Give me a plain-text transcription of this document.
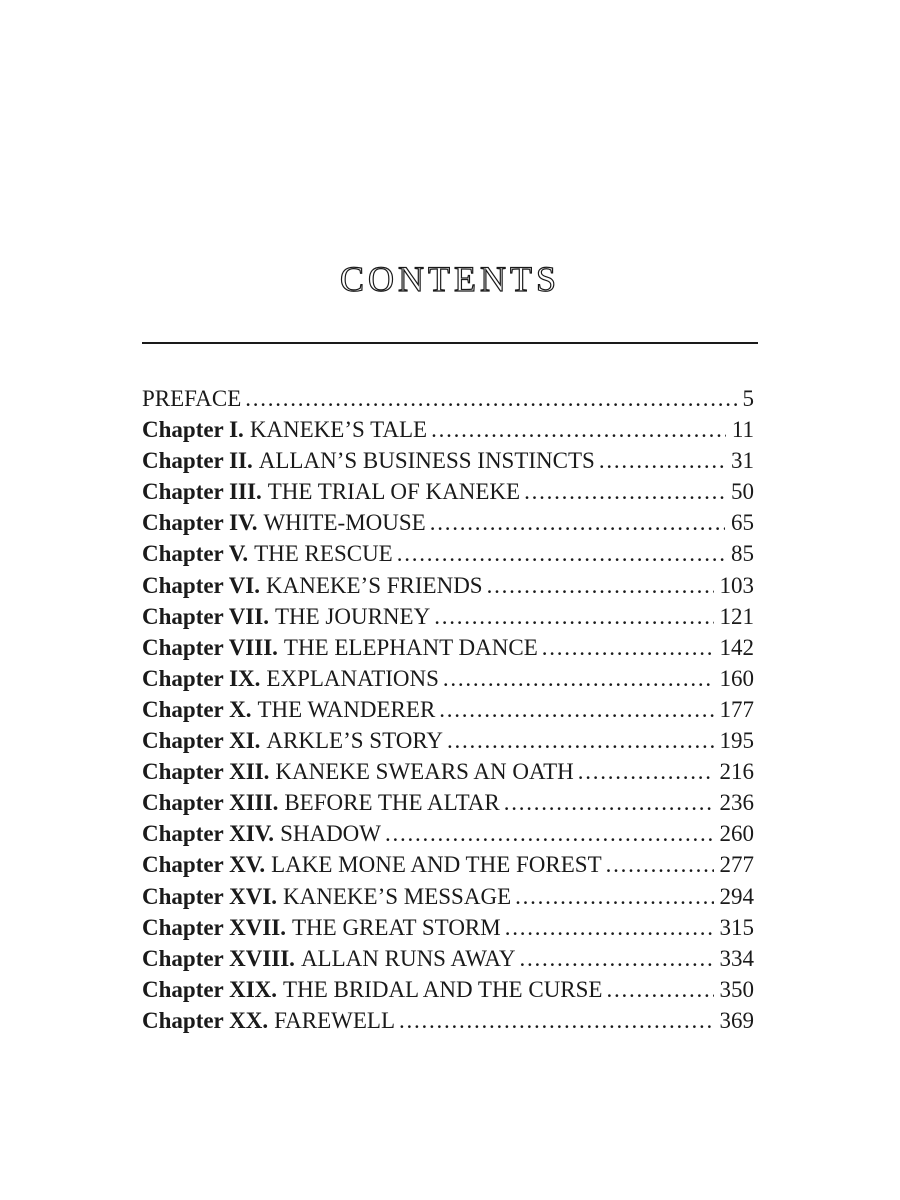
CONTENTS
PREFACE . . .	5
Chapter I. KANEKE’S TALE . . .	11
Chapter II. ALLAN’S BUSINESS INSTINCTS . . .	31
Chapter III. THE TRIAL OF KANEKE . . .	50
Chapter IV. WHITE-MOUSE . . .	65
Chapter V. THE RESCUE . . .	85
Chapter VI. KANEKE’S FRIENDS . . .	103
Chapter VII. THE JOURNEY . . .	121
Chapter VIII. THE ELEPHANT DANCE . . .	142
Chapter IX. EXPLANATIONS . . .	160
Chapter X. THE WANDERER . . .	177
Chapter XI. ARKLE’S STORY . . .	195
Chapter XII. KANEKE SWEARS AN OATH . . .	216
Chapter XIII. BEFORE THE ALTAR . . .	236
Chapter XIV. SHADOW . . .	260
Chapter XV. LAKE MONE AND THE FOREST . . .	277
Chapter XVI. KANEKE’S MESSAGE . . .	294
Chapter XVII. THE GREAT STORM . . .	315
Chapter XVIII. ALLAN RUNS AWAY . . .	334
Chapter XIX. THE BRIDAL AND THE CURSE . . .	350
Chapter XX. FAREWELL . . .	369
